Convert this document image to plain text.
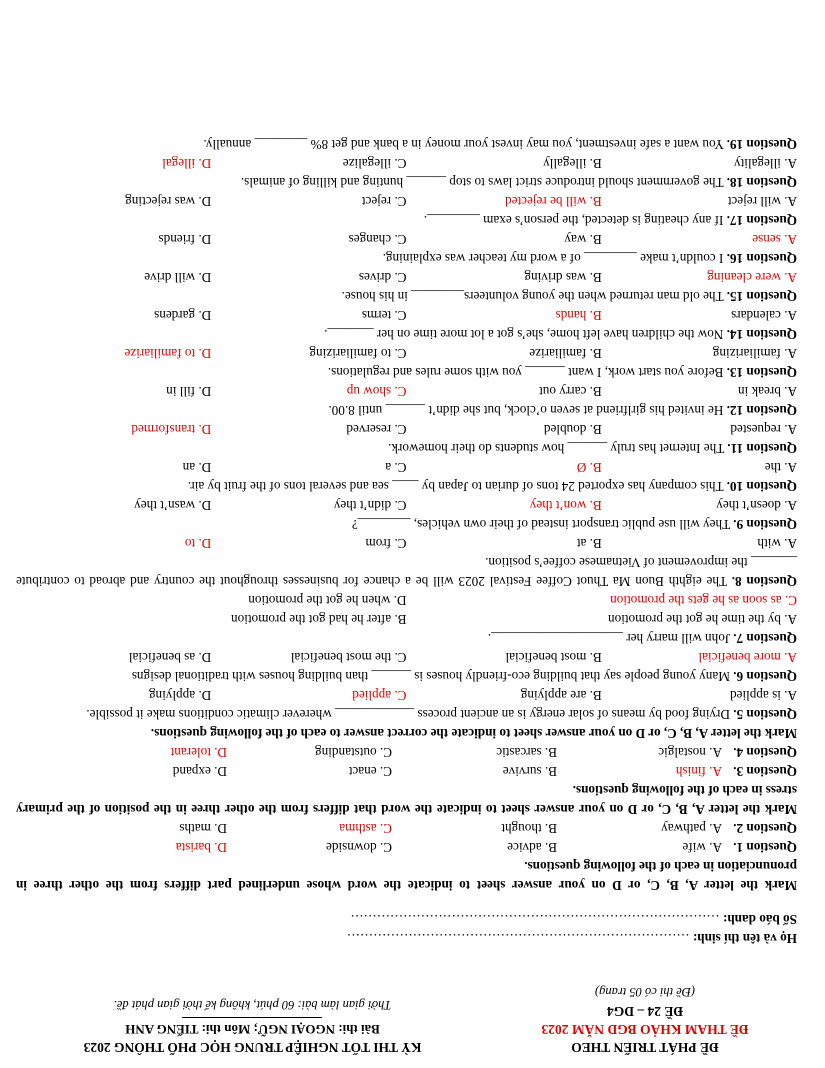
ĐỀ PHÁT TRIỂN THEO
ĐỀ THAM KHẢO BGD NĂM 2023
ĐỀ 24 – DG4
(Đề thi có 05 trang)
KỲ THI TỐT NGHIỆP TRUNG HỌC PHỔ THÔNG 2023
Bài thi: NGOẠI NGỮ; Môn thi: TIẾNG ANH
Thời gian làm bài: 60 phút, không kể thời gian phát đề.
Họ và tên thí sinh: ……………………………………………………………………
Số báo danh: …………………………………………………………………………
Mark the letter A, B, C, or D on your answer sheet to indicate the word whose underlined part differs from the other three in pronunciation in each of the following questions.
Question 1.
A. wife
B. advice
C. downside
D. barista
Question 2.
A. pathway
B. thought
C. asthma
D. maths
Mark the letter A, B, C, or D on your answer sheet to indicate the word that differs from the other three in the position of the primary stress in each of the following questions.
Question 3.
A. finish
B. survive
C. enact
D. expand
Question 4.
A. nostalgic
B. sarcastic
C. outstanding
D. tolerant
Mark the letter A, B, C, or D on your answer sheet to indicate the correct answer to each of the following questions.
Question 5. Drying food by means of solar energy is an ancient process ____________ wherever climatic conditions make it possible.
A. is applied
B. are applying
C. applied
D. applying
Question 6. Many young people say that building eco-friendly houses is ______ than building houses with traditional designs
A. more beneficial
B. most beneficial
C. the most beneficial
D. as beneficial
Question 7. John will marry her ____________________.
A. by the time he got the promotion
B. after he had got the promotion
C. as soon as he gets the promotion
D. when he got the promotion
Question 8. The eighth Buon Ma Thuot Coffee Festival 2023 will be a chance for businesses throughout the country and abroad to contribute _______ the improvement of Vietnamese coffee’s position.
A. with
B. at
C. from
D. to
Question 9. They will use public transport instead of their own vehicles, ________?
A. doesn’t they
B. won’t they
C. didn’t they
D. wasn’t they
Question 10. This company has exported 24 tons of durian to Japan by ____ sea and several tons of the fruit by air.
A. the
B. Ø
C. a
D. an
Question 11. The Internet has truly ______ how students do their homework.
A. requested
B. doubled
C. reserved
D. transformed
Question 12. He invited his girlfriend at seven o’clock, but she didn’t ______ until 8.00.
A. break in
B. carry out
C. show up
D. fill in
Question 13. Before you start work, I want ______ you with some rules and regulations.
A. familiarizing
B. familiarize
C. to familiarizing
D. to familiarize
Question 14. Now the children have left home, she’s got a lot more time on her _______.
A. calendars
B. hands
C. terms
D. gardens
Question 15. The old man returned when the young volunteers________ in his house.
A. were cleaning
B. was driving
C. drives
D. will drive
Question 16. I couldn’t make ________ of a word my teacher was explaining.
A. sense
B. way
C. changes
D. friends
Question 17. If any cheating is detected, the person’s exam ________.
A. will reject
B. will be rejected
C. reject
D. was rejecting
Question 18. The government should introduce strict laws to stop ______ hunting and killing of animals.
A. illegality
B. illegally
C. illegalize
D. illegal
Question 19. You want a safe investment, you may invest your money in a bank and get 8% ________ annually.
